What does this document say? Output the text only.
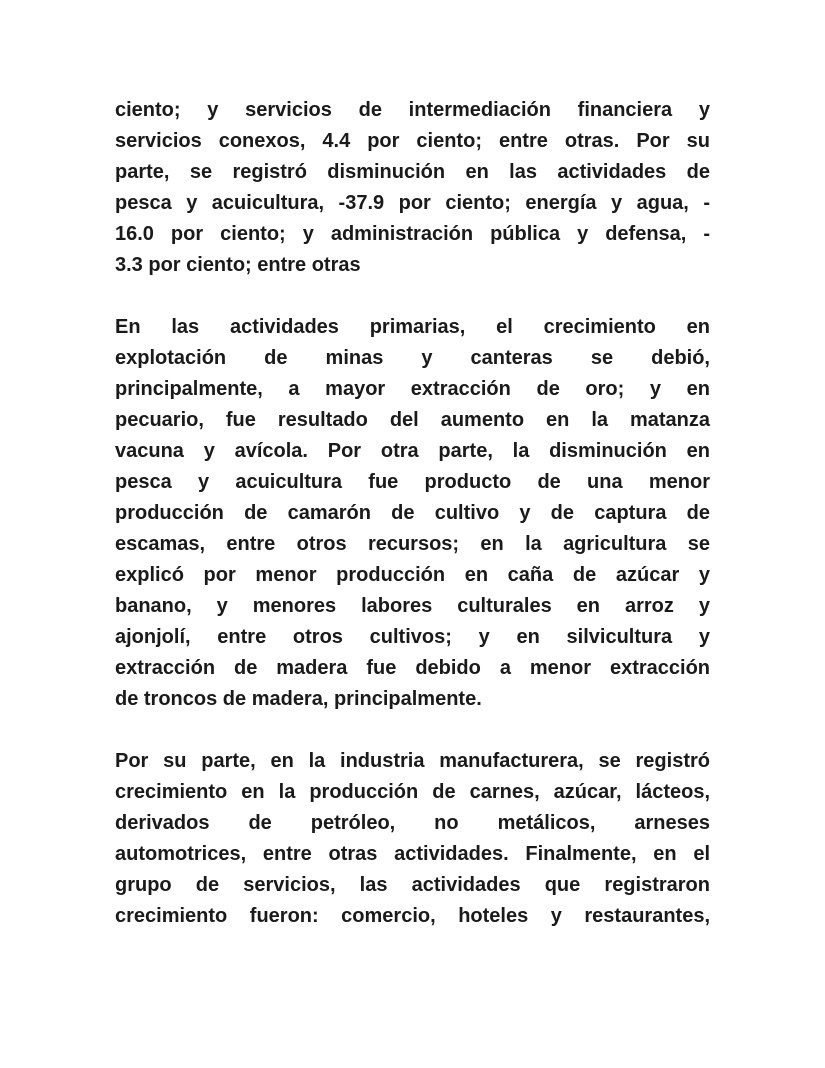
ciento; y servicios de intermediación financiera y
servicios conexos, 4.4 por ciento; entre otras. Por su
parte, se registró disminución en las actividades de
pesca y acuicultura, -37.9 por ciento; energía y agua, -
16.0 por ciento; y administración pública y defensa, -
3.3 por ciento; entre otras
En las actividades primarias, el crecimiento en
explotación de minas y canteras se debió,
principalmente, a mayor extracción de oro; y en
pecuario, fue resultado del aumento en la matanza
vacuna y avícola. Por otra parte, la disminución en
pesca y acuicultura fue producto de una menor
producción de camarón de cultivo y de captura de
escamas, entre otros recursos; en la agricultura se
explicó por menor producción en caña de azúcar y
banano, y menores labores culturales en arroz y
ajonjolí, entre otros cultivos; y en silvicultura y
extracción de madera fue debido a menor extracción
de troncos de madera, principalmente.
Por su parte, en la industria manufacturera, se registró
crecimiento en la producción de carnes, azúcar, lácteos,
derivados de petróleo, no metálicos, arneses
automotrices, entre otras actividades. Finalmente, en el
grupo de servicios, las actividades que registraron
crecimiento fueron: comercio, hoteles y restaurantes,
